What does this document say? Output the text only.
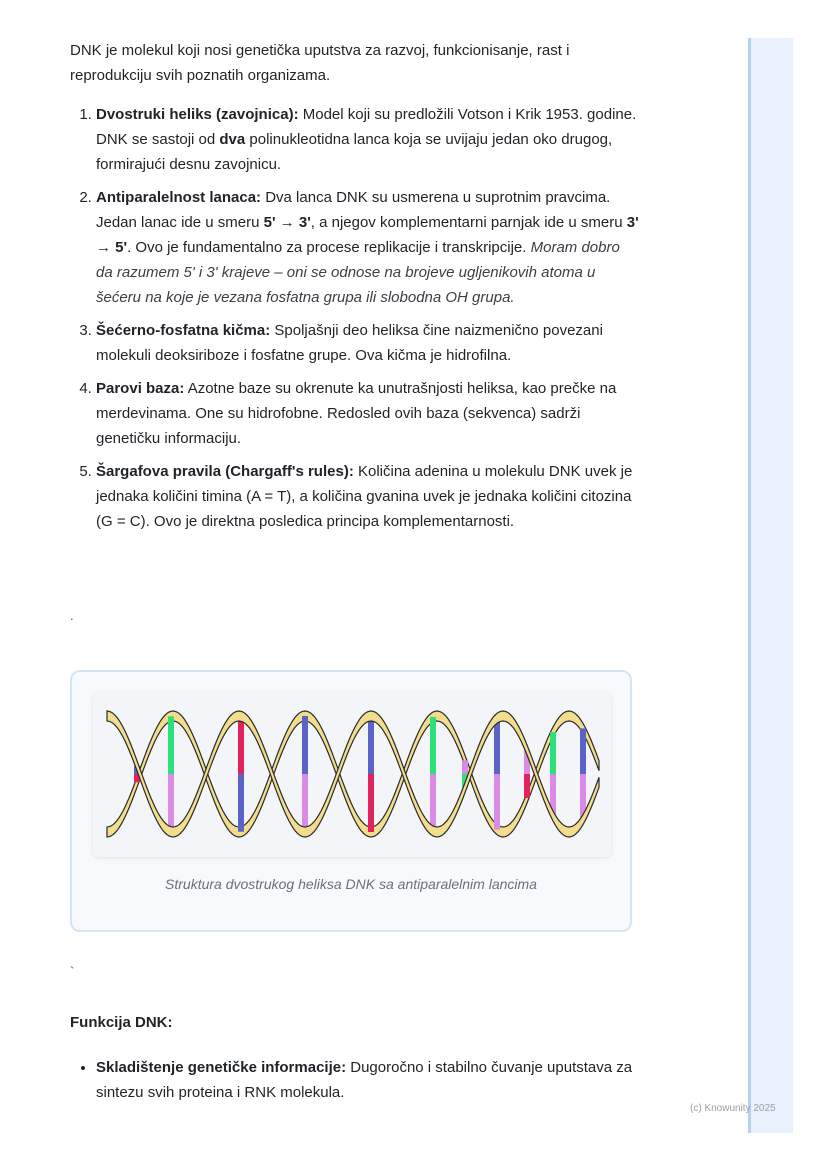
DNK je molekul koji nosi genetička uputstva za razvoj, funkcionisanje, rast i reprodukciju svih poznatih organizama.

1. Dvostruki heliks (zavojnica): Model koji su predložili Votson i Krik 1953. godine. DNK se sastoji od dva polinukleotidna lanca koja se uvijaju jedan oko drugog, formirajući desnu zavojnicu.
2. Antiparalelnost lanaca: Dva lanca DNK su usmerena u suprotnim pravcima. Jedan lanac ide u smeru 5' → 3', a njegov komplementarni parnjak ide u smeru 3' → 5'. Ovo je fundamentalno za procese replikacije i transkripcije. Moram dobro da razumem 5' i 3' krajeve – oni se odnose na brojeve ugljenikovih atoma u šećeru na koje je vezana fosfatna grupa ili slobodna OH grupa.
3. Šećerno-fosfatna kičma: Spoljašnji deo heliksa čine naizmenično povezani molekuli deoksiriboze i fosfatne grupe. Ova kičma je hidrofilna.
4. Parovi baza: Azotne baze su okrenute ka unutrašnjosti heliksa, kao prečke na merdevinama. One su hidrofobne. Redosled ovih baza (sekvenca) sadrži genetičku informaciju.
5. Šargafova pravila (Chargaff's rules): Količina adenina u molekulu DNK uvek je jednaka količini timina (A = T), a količina gvanina uvek je jednaka količini citozina (G = C). Ovo je direktna posledica principa komplementarnosti.
.
Struktura dvostrukog heliksa DNK sa antiparalelnim lancima
`
Funkcija DNK:
• Skladištenje genetičke informacije: Dugoročno i stabilno čuvanje uputstava za sintezu svih proteina i RNK molekula.
(c) Knowunity 2025
